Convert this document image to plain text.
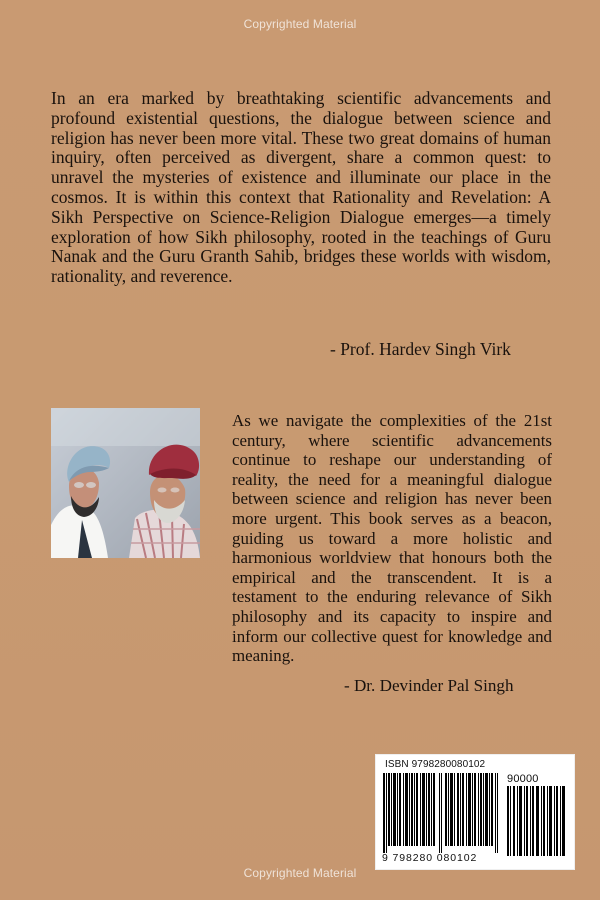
Copyrighted Material
In an era marked by breathtaking scientific advancements and profound existential questions, the dialogue between science and religion has never been more vital. These two great domains of human inquiry, often perceived as divergent, share a common quest: to unravel the mysteries of existence and illuminate our place in the cosmos. It is within this context that Rationality and Revelation: A Sikh Perspective on Science-Religion Dialogue emerges—a timely exploration of how Sikh philosophy, rooted in the teachings of Guru Nanak and the Guru Granth Sahib, bridges these worlds with wisdom, rationality, and reverence.
- Prof. Hardev Singh Virk
As we navigate the complexities of the 21st century, where scientific advancements continue to reshape our understanding of reality, the need for a meaningful dialogue between science and religion has never been more urgent. This book serves as a beacon, guiding us toward a more holistic and harmonious worldview that honours both the empirical and the transcendent. It is a testament to the enduring relevance of Sikh philosophy and its capacity to inspire and inform our collective quest for knowledge and meaning.
- Dr. Devinder Pal Singh
ISBN 9798280080102
90000
9 798280 080102
Copyrighted Material
